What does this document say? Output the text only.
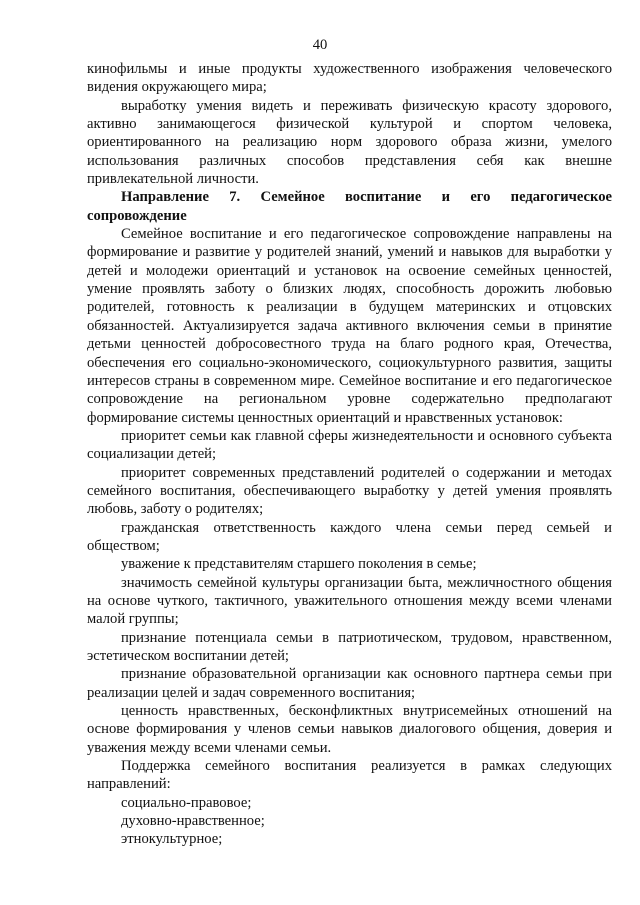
40

кинофильмы и иные продукты художественного изображения человеческого видения окружающего мира;

выработку умения видеть и переживать физическую красоту здорового, активно занимающегося физической культурой и спортом человека, ориентированного на реализацию норм здорового образа жизни, умелого использования различных способов представления себя как внешне привлекательной личности.

Направление 7. Семейное воспитание и его педагогическое сопровождение

Семейное воспитание и его педагогическое сопровождение направлены на формирование и развитие у родителей знаний, умений и навыков для выработки у детей и молодежи ориентаций и установок на освоение семейных ценностей, умение проявлять заботу о близких людях, способность дорожить любовью родителей, готовность к реализации в будущем материнских и отцовских обязанностей. Актуализируется задача активного включения семьи в принятие детьми ценностей добросовестного труда на благо родного края, Отечества, обеспечения его социально-экономического, социокультурного развития, защиты интересов страны в современном мире. Семейное воспитание и его педагогическое сопровождение на региональном уровне содержательно предполагают формирование системы ценностных ориентаций и нравственных установок:

приоритет семьи как главной сферы жизнедеятельности и основного субъекта социализации детей;

приоритет современных представлений родителей о содержании и методах семейного воспитания, обеспечивающего выработку у детей умения проявлять любовь, заботу о родителях;

гражданская ответственность каждого члена семьи перед семьей и обществом;

уважение к представителям старшего поколения в семье;

значимость семейной культуры организации быта, межличностного общения на основе чуткого, тактичного, уважительного отношения между всеми членами малой группы;

признание потенциала семьи в патриотическом, трудовом, нравственном, эстетическом воспитании детей;

признание образовательной организации как основного партнера семьи при реализации целей и задач современного воспитания;

ценность нравственных, бесконфликтных внутрисемейных отношений на основе формирования у членов семьи навыков диалогового общения, доверия и уважения между всеми членами семьи.

Поддержка семейного воспитания реализуется в рамках следующих направлений:

социально-правовое;

духовно-нравственное;

этнокультурное;
